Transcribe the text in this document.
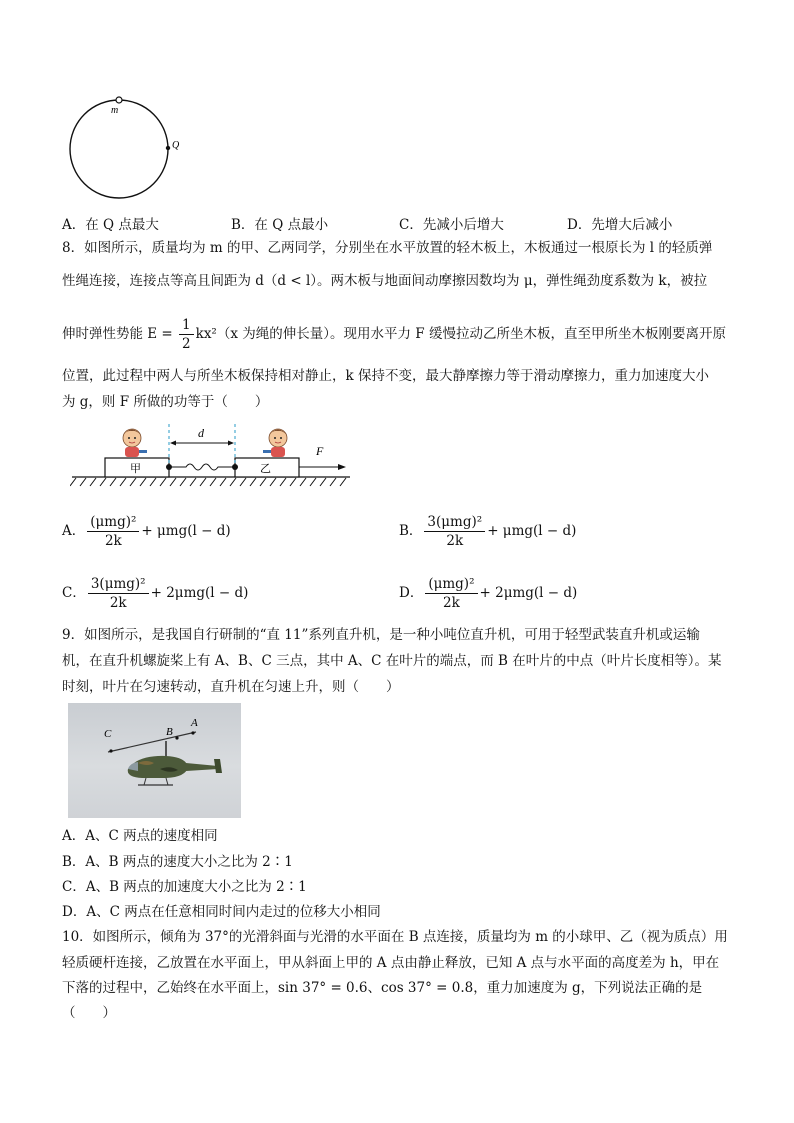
m
Q
A．在 Q 点最大	B．在 Q 点最小	C．先减小后增大	D．先增大后减小
8．如图所示，质量均为 m 的甲、乙两同学，分别坐在水平放置的轻木板上，木板通过一根原长为 l 的轻质弹
性绳连接，连接点等高且间距为 d（d < l）。两木板与地面间动摩擦因数均为 μ，弹性绳劲度系数为 k，被拉
伸时弹性势能 $E = \frac{1}{2} kx^2(x$ 为绳的伸长量）。现用水平力 F 缓慢拉动乙所坐木板，直至甲所坐木板刚要离开原
位置，此过程中两人与所坐木板保持相对静止，k 保持不变，最大静摩擦力等于滑动摩擦力，重力加速度大小
为 g，则 F 所做的功等于（　　）
甲	乙
d
F
A． $\frac{\text{(μmg)²}}{2k} + \mu mg(l - d)$	B． $\frac{\text{3(μmg)²}}{2k} + \mu mg(l - d)$
C． $\frac{\text{3(μmg)²}}{2k} + 2\mu mg(l - d)$	D． $\frac{\text{(μmg)²}}{2k} + 2\mu mg(l - d)$
9．如图所示，是我国自行研制的“直 11”系列直升机，是一种小吨位直升机，可用于轻型武装直升机或运输
机，在直升机螺旋桨上有 A、B、C 三点，其中 A、C 在叶片的端点，而 B 在叶片的中点（叶片长度相等）。某
时刻，叶片在匀速转动，直升机在匀速上升，则（　　）
A
B
C
A．A、C 两点的速度相同
B．A、B 两点的速度大小之比为 2∶1
C．A、B 两点的加速度大小之比为 2∶1
D．A、C 两点在任意相同时间内走过的位移大小相同
10．如图所示，倾角为 37°的光滑斜面与光滑的水平面在 B 点连接，质量均为 m 的小球甲、乙（视为质点）用
轻质硬杆连接，乙放置在水平面上，甲从斜面上甲的 A 点由静止释放，已知 A 点与水平面的高度差为 h，甲在
下落的过程中，乙始终在水平面上，sin 37° = 0.6、cos 37° = 0.8，重力加速度为 g，下列说法正确的是
（　　）
